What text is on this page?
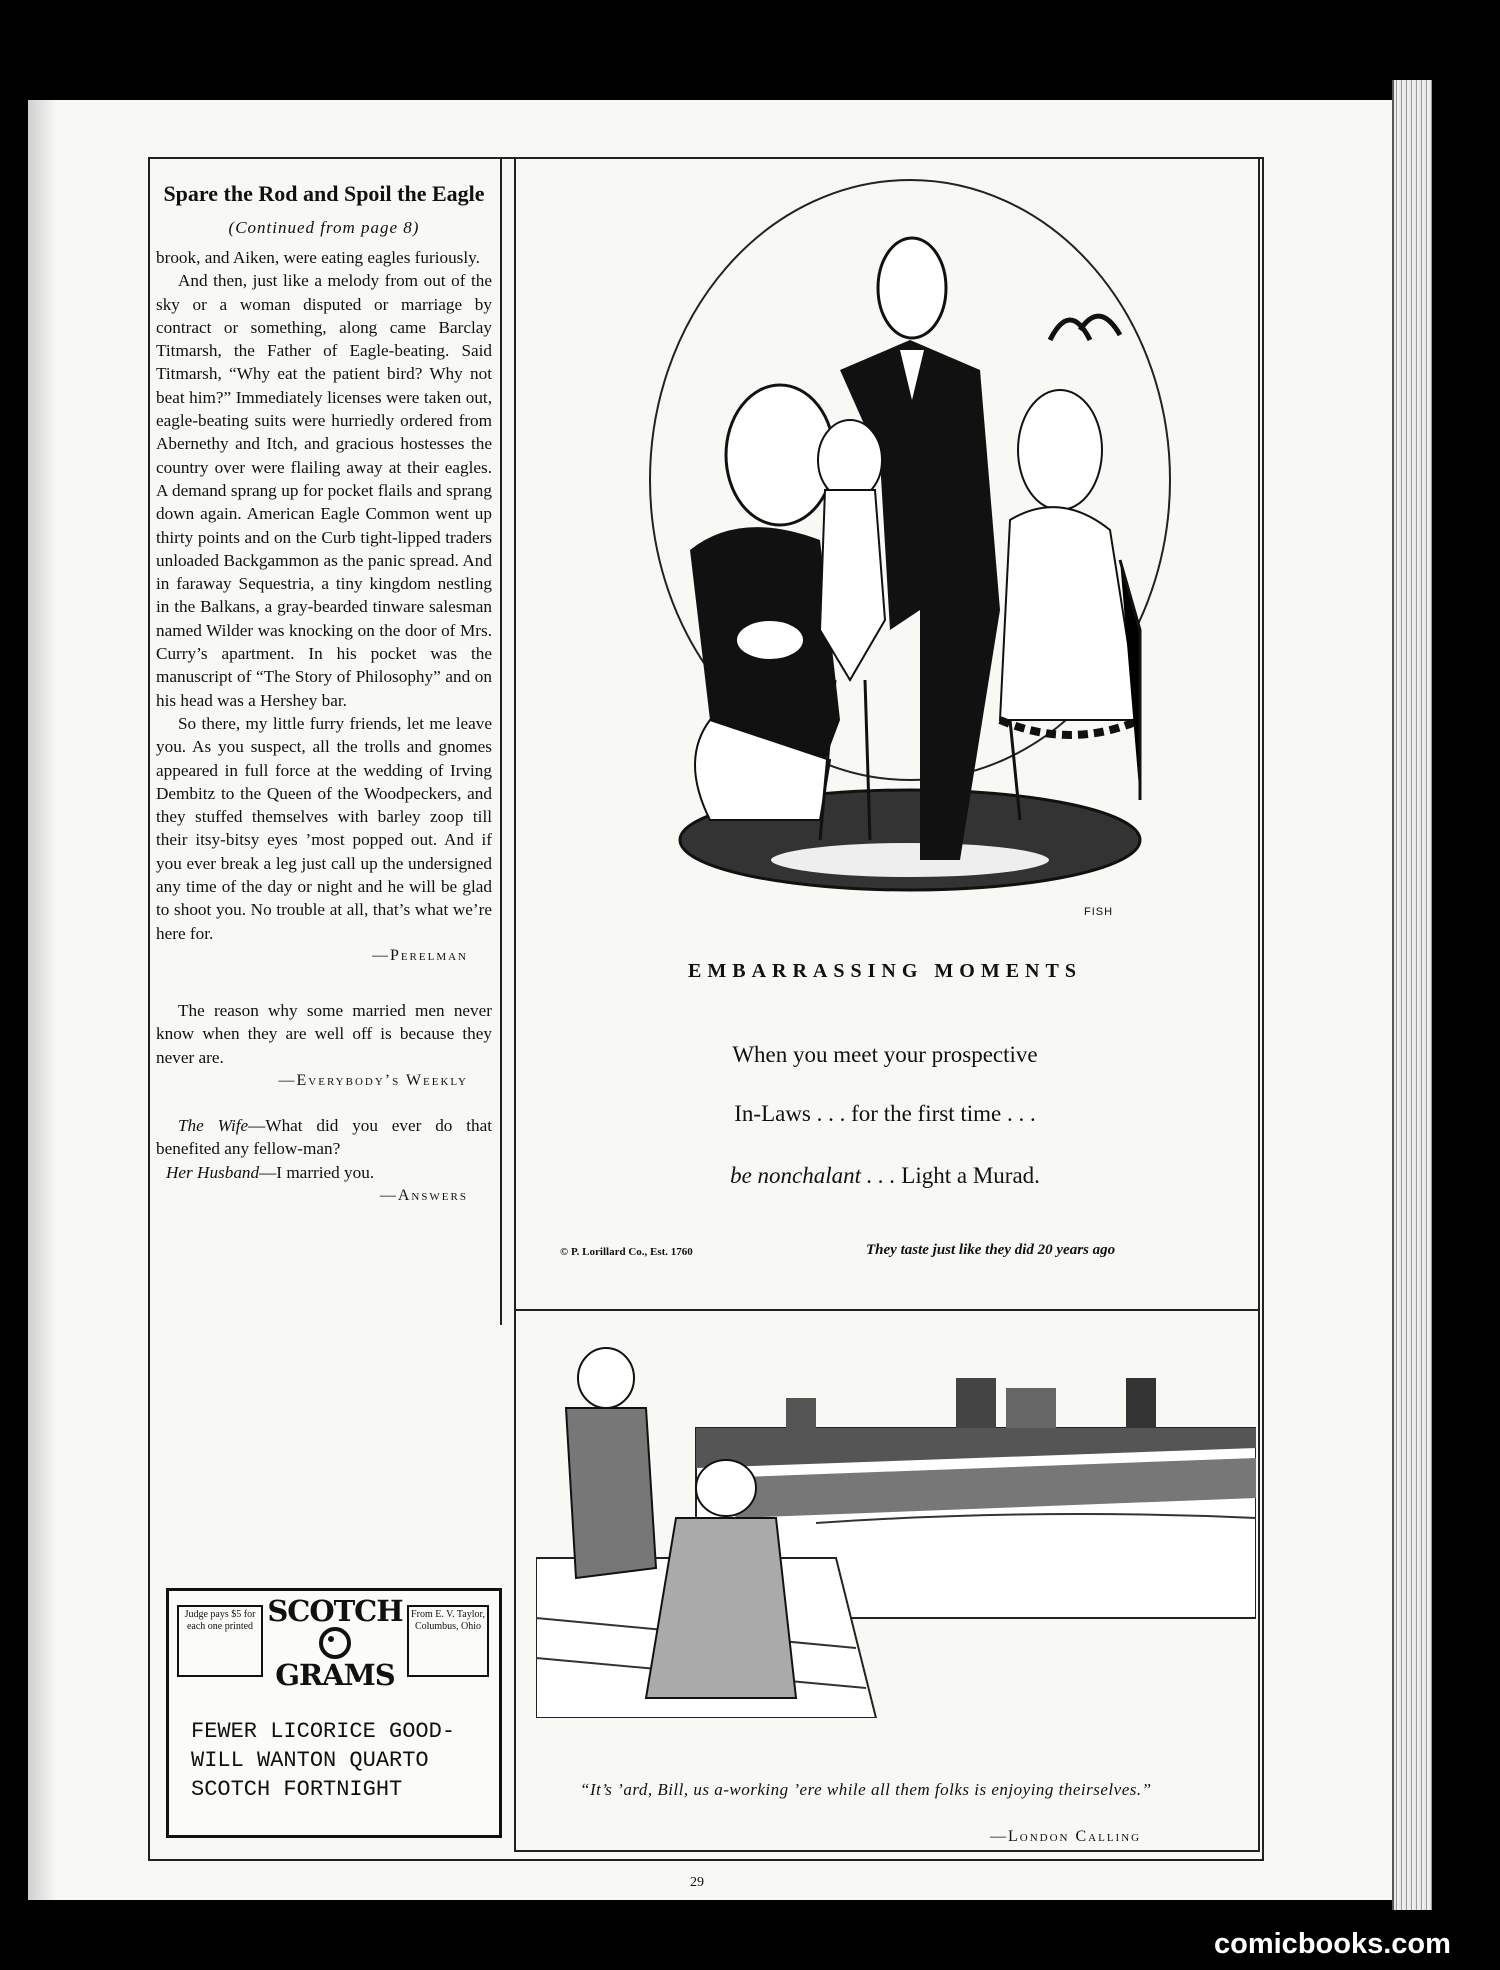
Spare the Rod and Spoil the Eagle
(Continued from page 8)

brook, and Aiken, were eating eagles furiously.

And then, just like a melody from out of the sky or a woman disputed or marriage by contract or something, along came Barclay Titmarsh, the Father of Eagle-beating. Said Titmarsh, “Why eat the patient bird? Why not beat him?” Immediately licenses were taken out, eagle-beating suits were hurriedly ordered from Abernethy and Itch, and gracious hostesses the country over were flailing away at their eagles. A demand sprang up for pocket flails and sprang down again. American Eagle Common went up thirty points and on the Curb tight-lipped traders unloaded Backgammon as the panic spread. And in faraway Sequestria, a tiny kingdom nestling in the Balkans, a gray-bearded tinware salesman named Wilder was knocking on the door of Mrs. Curry’s apartment. In his pocket was the manuscript of “The Story of Philosophy” and on his head was a Hershey bar.

So there, my little furry friends, let me leave you. As you suspect, all the trolls and gnomes appeared in full force at the wedding of Irving Dembitz to the Queen of the Woodpeckers, and they stuffed themselves with barley zoop till their itsy-bitsy eyes ’most popped out. And if you ever break a leg just call up the undersigned any time of the day or night and he will be glad to shoot you. No trouble at all, that’s what we’re here for.

—Perelman

The reason why some married men never know when they are well off is because they never are.

—Everybody’s Weekly

The Wife—What did you ever do that benefited any fellow-man?

Her Husband—I married you.

—Answers

Judge pays $5 for each one printed SCOTCH
GRAMS
From E. V. Taylor, Columbus, Ohio
FEWER LICORICE GOOD-
WILL WANTON QUARTO
SCOTCH FORTNIGHT
FISH
EMBARRASSING MOMENTS
When you meet your prospective
In-Laws . . . for the first time . . .
be nonchalant . . . Light a Murad.
© P. Lorillard Co., Est. 1760	They taste just like they did 20 years ago
“It’s ’ard, Bill, us a-working ’ere while all them folks is enjoying theirselves.”
—London Calling
29
comicbooks.com
